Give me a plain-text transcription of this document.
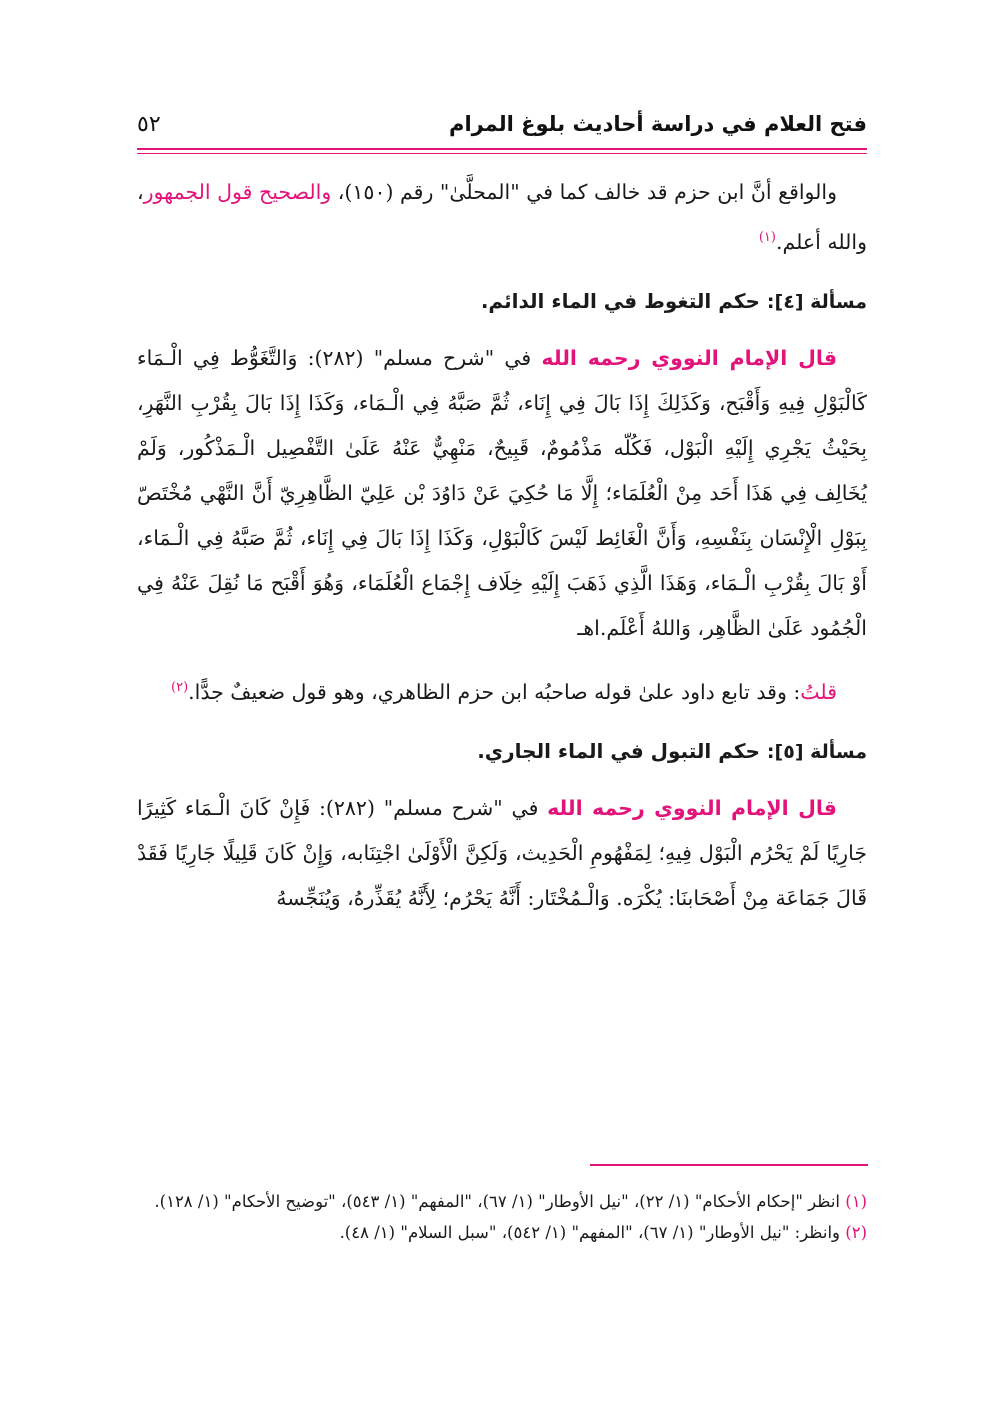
فتح العلام في دراسة أحاديث بلوغ المرام
٥٢

والواقع أنَّ ابن حزم قد خالف كما في "المحلَّىٰ" رقم (١٥٠)، والصحيح قول الجمهور، والله أعلم.$^{(١)}$

مسألة [٤]: حكم التغوط في الماء الدائم.

قال الإمام النووي رحمه الله في "شرح مسلم" (٢٨٢): وَالتَّغَوُّط فِي الْـمَاء كَالْبَوْلِ فِيهِ وَأَقْبَح، وَكَذَلِكَ إِذَا بَالَ فِي إِنَاء، ثُمَّ صَبَّهُ فِي الْـمَاء، وَكَذَا إِذَا بَالَ بِقُرْبِ النَّهَرِ، بِحَيْثُ يَجْرِي إِلَيْهِ الْبَوْل، فَكُلّه مَذْمُومٌ، قَبِيحٌ، مَنْهِيٌّ عَنْهُ عَلَىٰ التَّفْصِيل الْـمَذْكُور، وَلَمْ يُخَالِف فِي هَذَا أَحَد مِنْ الْعُلَمَاء؛ إِلَّا مَا حُكِيَ عَنْ دَاوُدَ بْن عَلِيّ الظَّاهِرِيّ أَنَّ النَّهْي مُخْتَصّ بِبَوْلِ الْإِنْسَان بِنَفْسِهِ، وَأَنَّ الْغَائِط لَيْسَ كَالْبَوْلِ، وَكَذَا إِذَا بَالَ فِي إِنَاء، ثُمَّ صَبَّهُ فِي الْـمَاء، أَوْ بَالَ بِقُرْبِ الْـمَاء، وَهَذَا الَّذِي ذَهَبَ إِلَيْهِ خِلَاف إِجْمَاع الْعُلَمَاء، وَهُوَ أَقْبَح مَا نُقِلَ عَنْهُ فِي الْجُمُود عَلَىٰ الظَّاهِر، وَاللهُ أَعْلَم.اهـ

قلتُ: وقد تابع داود علىٰ قوله صاحبُه ابن حزم الظاهري، وهو قول ضعيفٌ جدًّا.$^{(٢)}$

مسألة [٥]: حكم التبول في الماء الجاري.

قال الإمام النووي رحمه الله في "شرح مسلم" (٢٨٢): فَإِنْ كَانَ الْـمَاء كَثِيرًا جَارِيًا لَمْ يَحْرُم الْبَوْل فِيهِ؛ لِمَفْهُومِ الْحَدِيث، وَلَكِنَّ الْأَوْلَىٰ اجْتِنَابه، وَإِنْ كَانَ قَلِيلًا جَارِيًا فَقَدْ قَالَ جَمَاعَة مِنْ أَصْحَابنَا: يُكْرَه. وَالْـمُخْتَار: أَنَّهُ يَحْرُم؛ لِأَنَّهُ يُقَذِّرهُ، وَيُنَجِّسهُ

(١) انظر "إحكام الأحكام" (١/ ٢٢)، "نيل الأوطار" (١/ ٦٧)، "المفهم" (١/ ٥٤٣)، "توضيح الأحكام" (١/ ١٢٨).

(٢) وانظر: "نيل الأوطار" (١/ ٦٧)، "المفهم" (١/ ٥٤٢)، "سبل السلام" (١/ ٤٨).
